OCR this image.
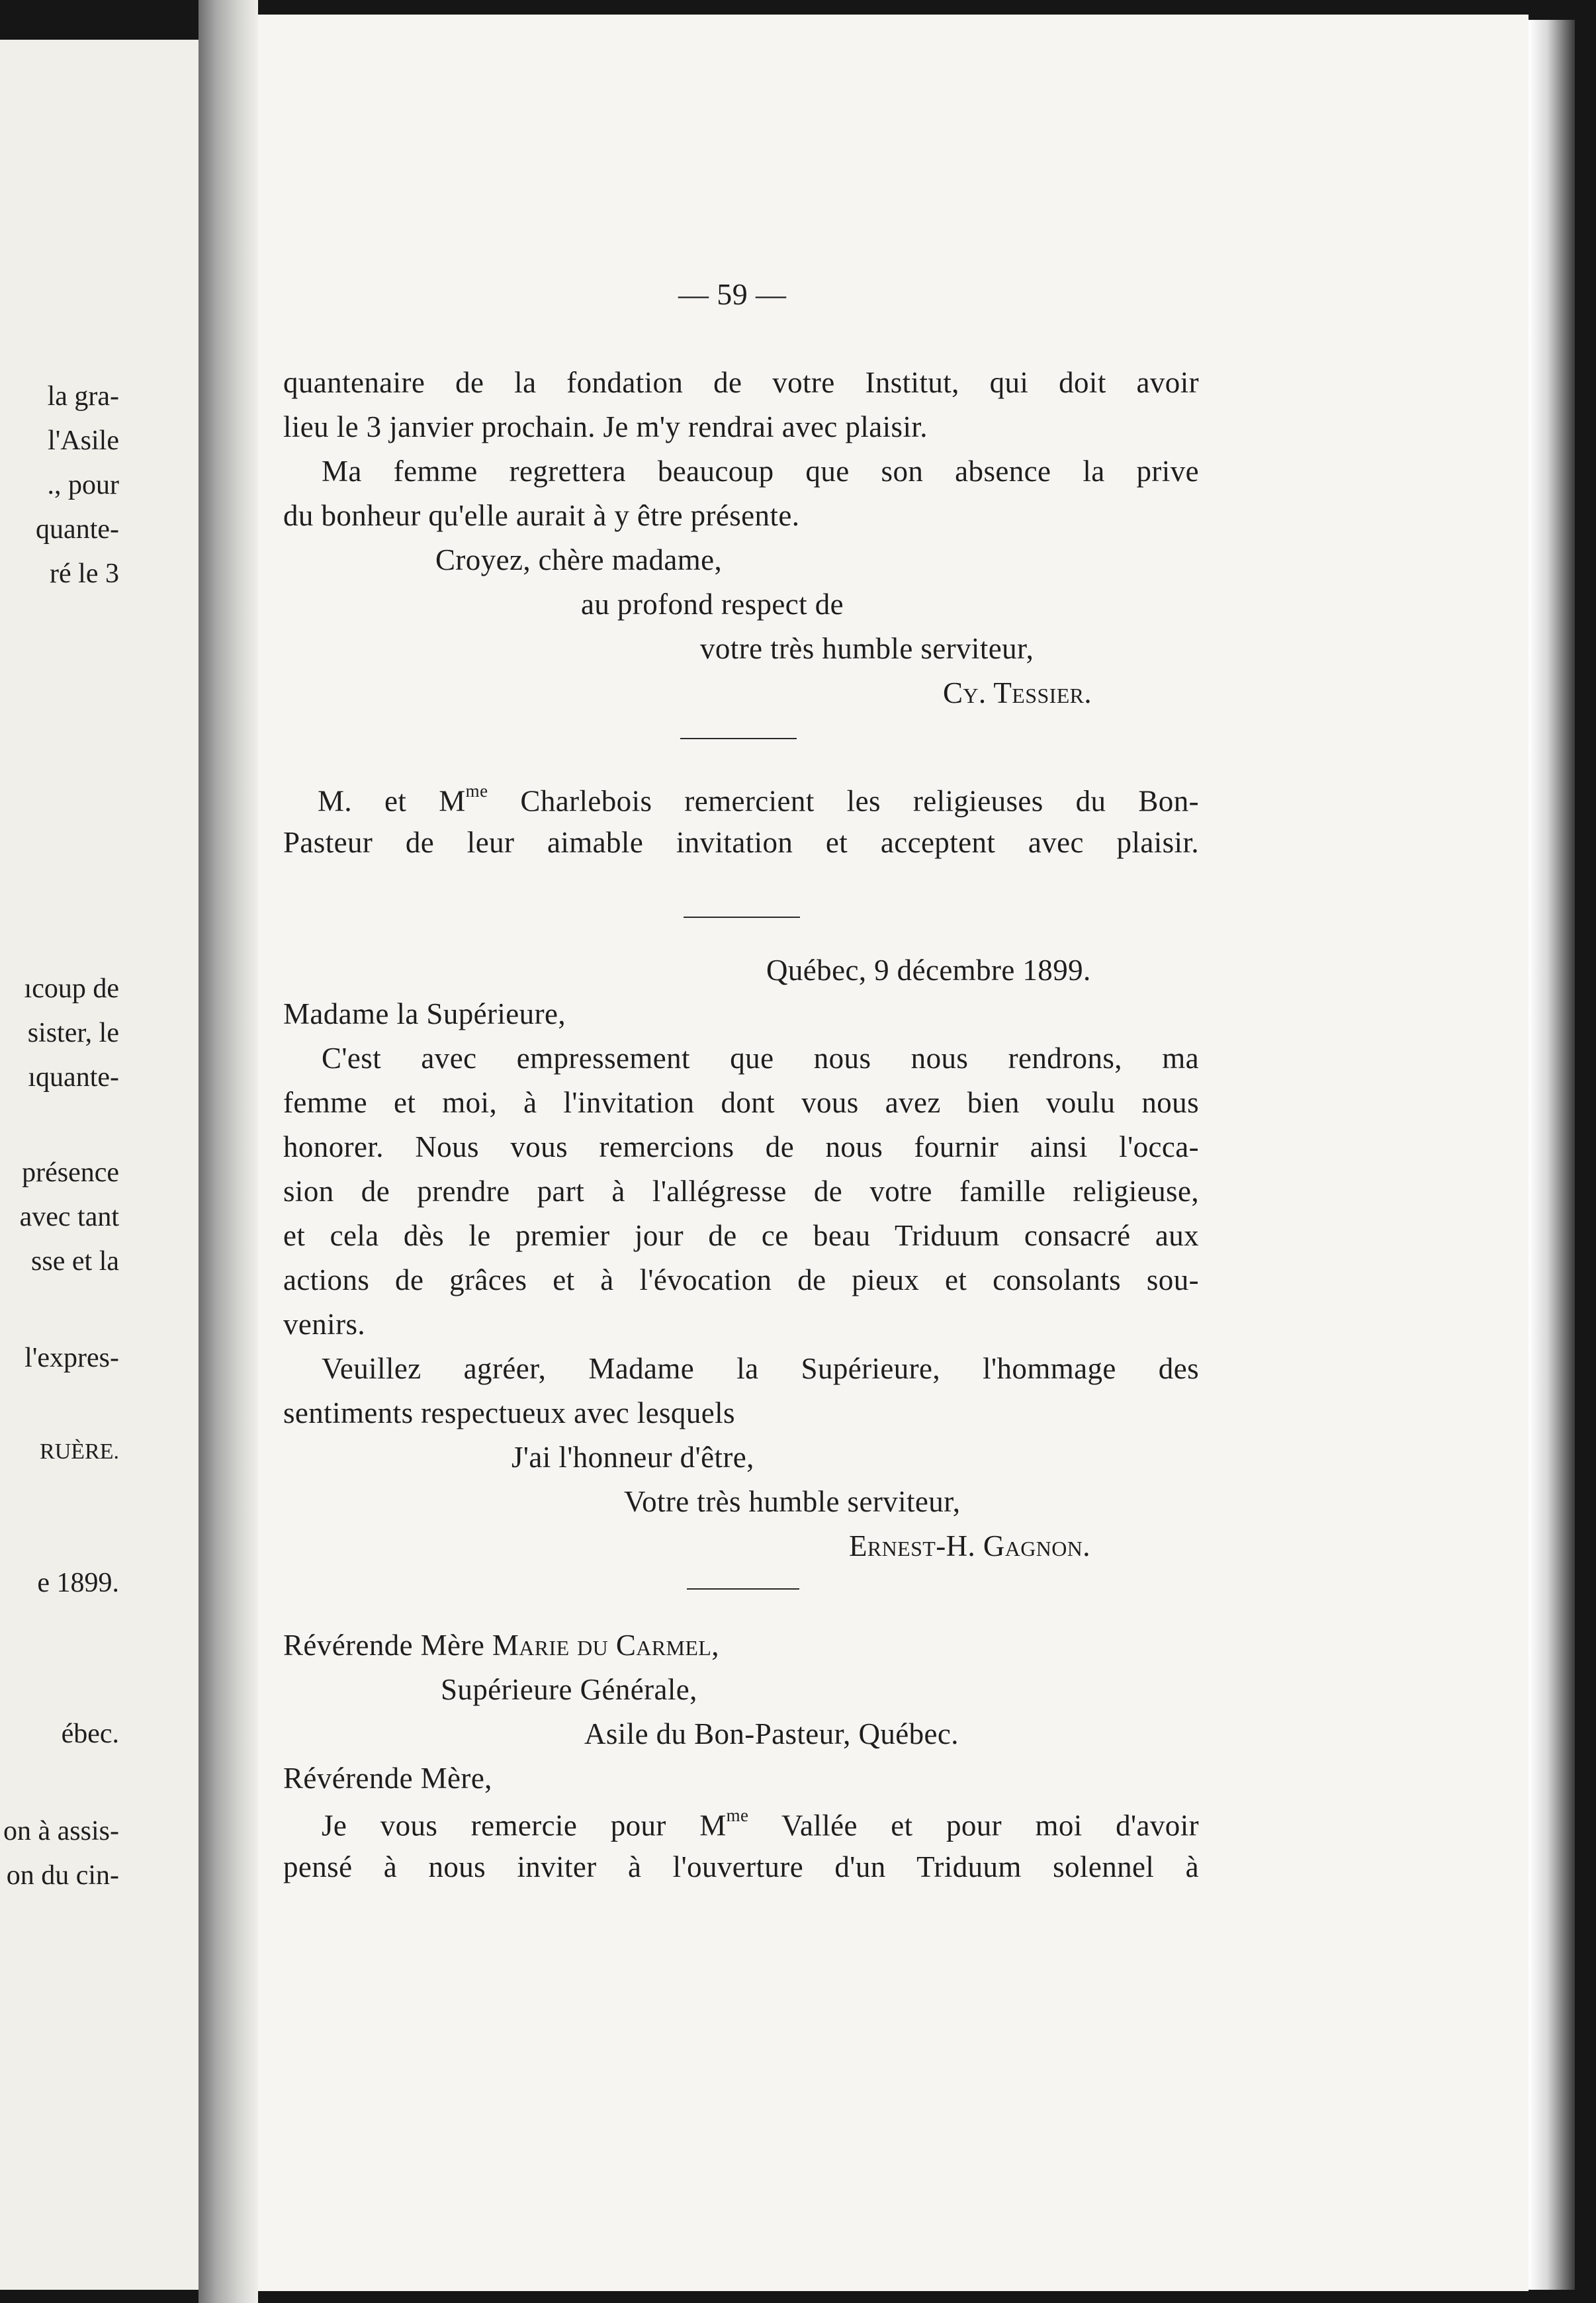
la gra-
l'Asile
., pour
quante-
ré le 3
ıcoup de
sister, le
ıquante-
présence
avec tant
sse et la
l'expres-
RUÈRE.
e 1899.
ébec.
on à assis-
on du cin-
— 59 —
quantenaire de la fondation de votre Institut, qui doit avoir
lieu le 3 janvier prochain. Je m'y rendrai avec plaisir.
Ma femme regrettera beaucoup que son absence la prive
du bonheur qu'elle aurait à y être présente.
Croyez, chère madame,
au profond respect de
votre très humble serviteur,
Cy. Tessier.
M. et $M^{me}$ Charlebois remercient les religieuses du Bon-
Pasteur de leur aimable invitation et acceptent avec plaisir.
Québec, 9 décembre 1899.
Madame la Supérieure,
C'est avec empressement que nous nous rendrons, ma
femme et moi, à l'invitation dont vous avez bien voulu nous
honorer. Nous vous remercions de nous fournir ainsi l'occa-
sion de prendre part à l'allégresse de votre famille religieuse,
et cela dès le premier jour de ce beau Triduum consacré aux
actions de grâces et à l'évocation de pieux et consolants sou-
venirs.
Veuillez agréer, Madame la Supérieure, l'hommage des
sentiments respectueux avec lesquels
J'ai l'honneur d'être,
Votre très humble serviteur,
Ernest-H. Gagnon.
Révérende Mère Marie du Carmel,
Supérieure Générale,
Asile du Bon-Pasteur, Québec.
Révérende Mère,
Je vous remercie pour $M^{me}$ Vallée et pour moi d'avoir
pensé à nous inviter à l'ouverture d'un Triduum solennel à
